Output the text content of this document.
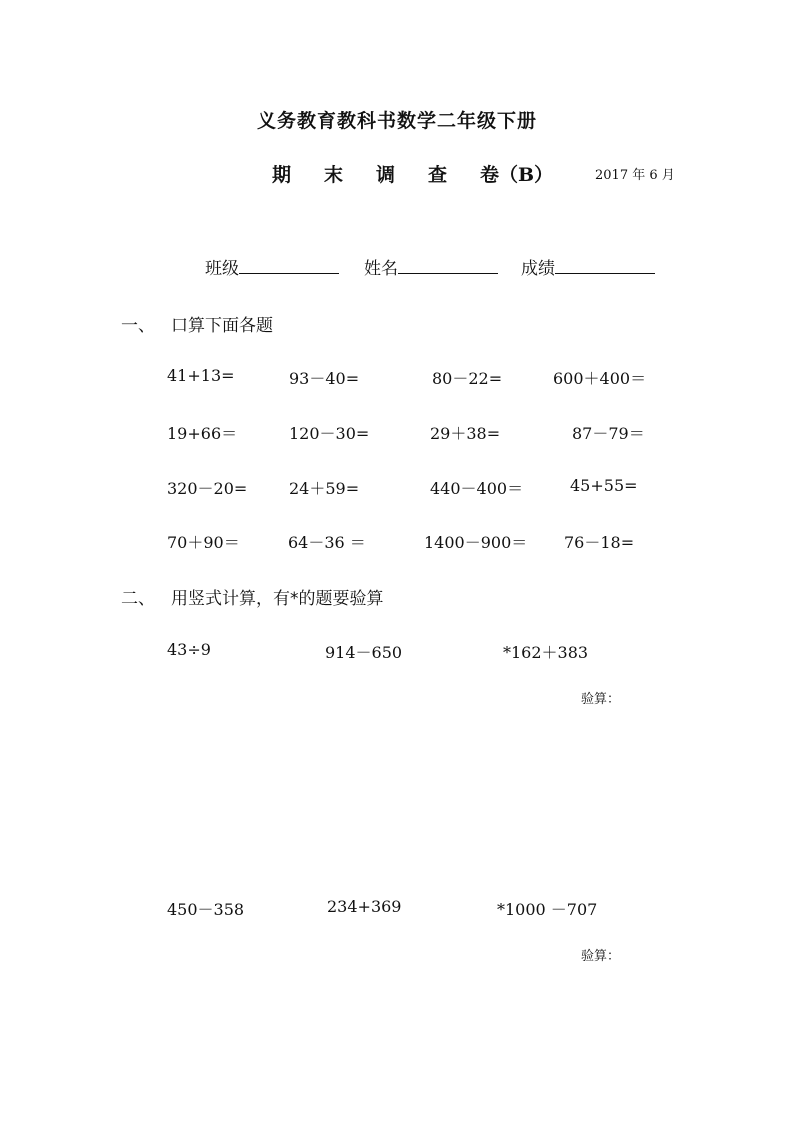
义务教育教科书数学二年级下册
期 末 调 查 卷（B）	2017 年 6 月
班级	姓名	成绩
一、 口算下面各题
41+13=	93－40=	80－22=	600＋400＝
19+66＝	120－30=	29＋38=	87－79＝
320－20=	24＋59=	440－400＝	45+55=
70＋90＝	64－36 ＝	1400－900＝ 76－18=
二、 用竖式计算，有*的题要验算
43÷9	914－650	*162＋383
验算：
450－358	234+369	*1000 －707
验算：
